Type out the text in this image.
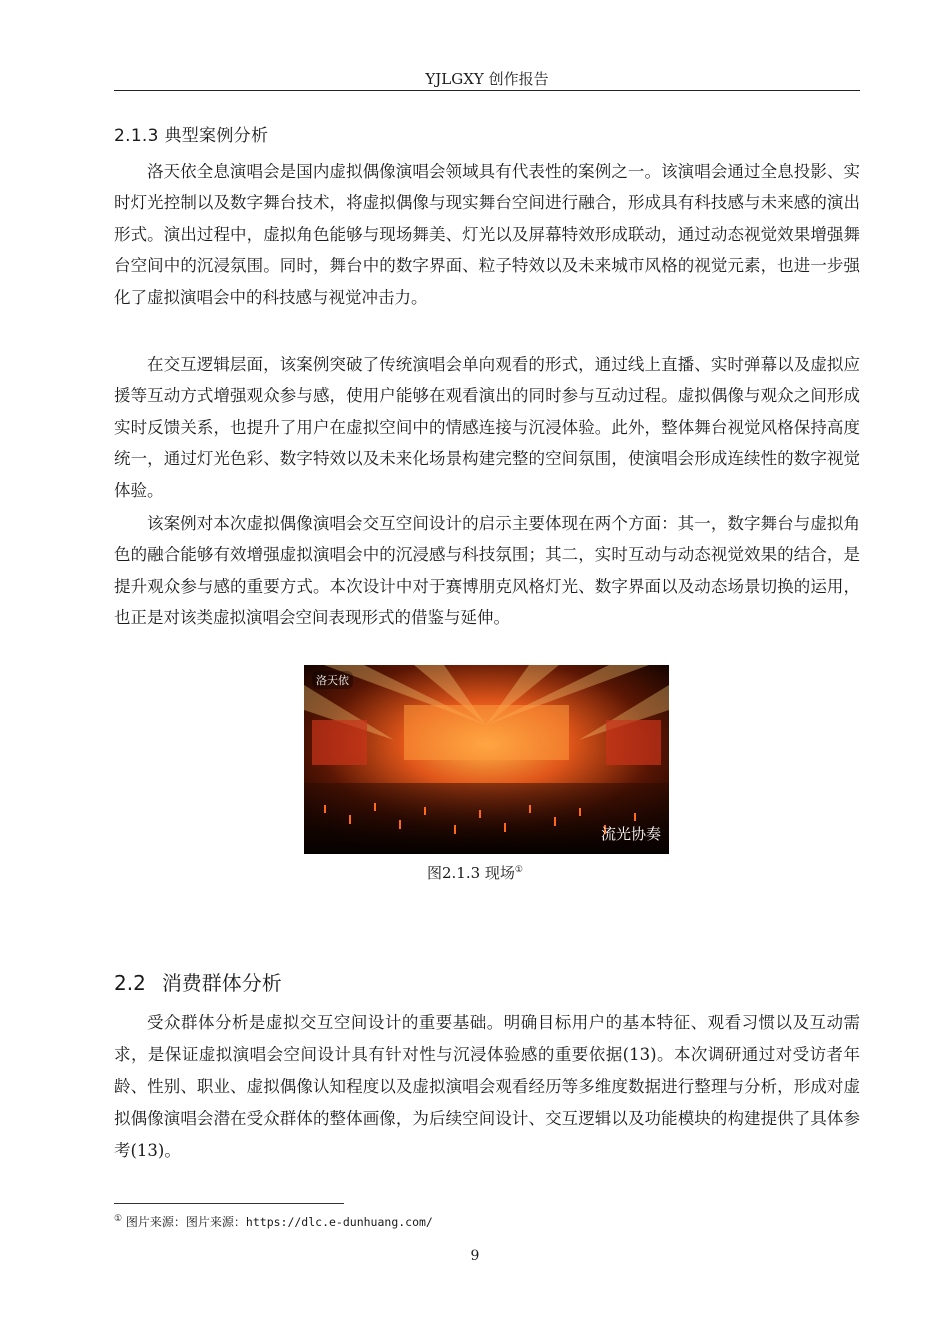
YJLGXY 创作报告
2.1.3 典型案例分析

洛天依全息演唱会是国内虚拟偶像演唱会领域具有代表性的案例之一。该演唱会通过全息投影、实时灯光控制以及数字舞台技术，将虚拟偶像与现实舞台空间进行融合，形成具有科技感与未来感的演出形式。演出过程中，虚拟角色能够与现场舞美、灯光以及屏幕特效形成联动，通过动态视觉效果增强舞台空间中的沉浸氛围。同时，舞台中的数字界面、粒子特效以及未来城市风格的视觉元素，也进一步强化了虚拟演唱会中的科技感与视觉冲击力。

在交互逻辑层面，该案例突破了传统演唱会单向观看的形式，通过线上直播、实时弹幕以及虚拟应援等互动方式增强观众参与感，使用户能够在观看演出的同时参与互动过程。虚拟偶像与观众之间形成实时反馈关系，也提升了用户在虚拟空间中的情感连接与沉浸体验。此外，整体舞台视觉风格保持高度统一，通过灯光色彩、数字特效以及未来化场景构建完整的空间氛围，使演唱会形成连续性的数字视觉体验。

该案例对本次虚拟偶像演唱会交互空间设计的启示主要体现在两个方面：其一，数字舞台与虚拟角色的融合能够有效增强虚拟演唱会中的沉浸感与科技氛围；其二，实时互动与动态视觉效果的结合，是提升观众参与感的重要方式。本次设计中对于赛博朋克风格灯光、数字界面以及动态场景切换的运用，也正是对该类虚拟演唱会空间表现形式的借鉴与延伸。

洛天依
流光协奏
图2.1.3 现场①
2.2 消费群体分析

受众群体分析是虚拟交互空间设计的重要基础。明确目标用户的基本特征、观看习惯以及互动需求，是保证虚拟演唱会空间设计具有针对性与沉浸体验感的重要依据(13)。本次调研通过对受访者年龄、性别、职业、虚拟偶像认知程度以及虚拟演唱会观看经历等多维度数据进行整理与分析，形成对虚拟偶像演唱会潜在受众群体的整体画像，为后续空间设计、交互逻辑以及功能模块的构建提供了具体参考(13)。

① 图片来源：图片来源：https://dlc.e-dunhuang.com/
9
